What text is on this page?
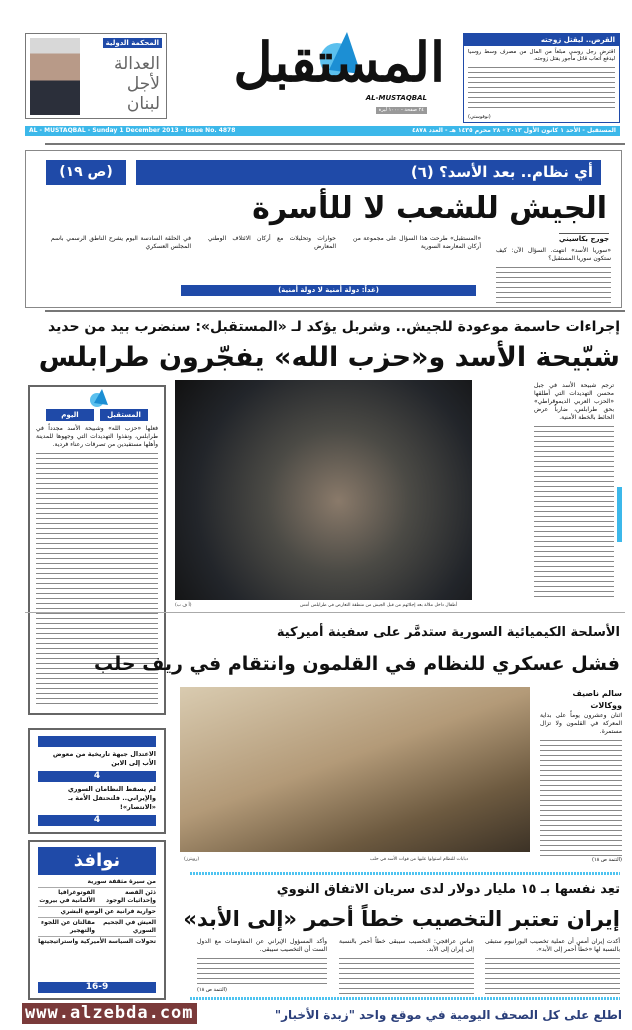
المحكمة الدولية
العدالة
لأجل
لبنان
المستقبل
AL-MUSTAQBAL
٢٤ صفحة - ١٠٠٠ ليرة
القرض.. ليقتل زوجته
اقترض رجل روسي مبلغاً من المال من مصرف وسط روسيا ليدفع أتعاب قاتل مأجور يقتل زوجته.
(نوفوستي)
AL - MUSTAQBAL - Sunday 1 December 2013 - Issue No. 4878	المستقبل - الأحد ١ كانون الأول ٢٠١٣ - ٢٨ محرم ١٤٣٥ هـ - العدد ٤٨٧٨
أي نظام.. بعد الأسد؟ (٦)
(ص ١٩)
الجيش للشعب لا للأسرة
جورج بكاسيني
«سوريا الأسد» انتهت. السؤال الآن: كيف ستكون سوريا المستقبل؟
«المستقبل» طرحت هذا السؤال على مجموعة من أركان المعارضة السورية
حوارات وتحليلات مع أركان الائتلاف الوطني المعارض
في الحلقة السادسة اليوم يشرح الناطق الرسمي باسم المجلس العسكري
(غداً: دولة أمنية لا دولة أمنية)
إجراءات حاسمة موعودة للجيش.. وشربل يؤكد لـ «المستقبل»: سنضرب بيد من حديد
شبّيحة الأسد و«حزب الله» يفجّرون طرابلس
اليوم	المستقبل
فعلها «حزب الله» وشبيحة الأسد مجدداً في طرابلس، ونفذوا التهديدات التي وجهوها للمدينة وأهلها مستفيدين من تصرفات رعناء فردية.
أطفال داخل ملالة بعد إجلائهم من قبل الجيش من منطقة التعارض في طرابلس أمس
(أ ف ب)
ترجم شبيحة الأسد في جبل محسن التهديدات التي أطلقها «الحزب العربي الديموقراطي» بحق طرابلس، ضارباً عرض الحائط بالخطة الأمنية.
الأسلحة الكيميائية السورية ستدمَّر على سفينة أميركية
فشل عسكري للنظام في القلمون وانتقام في ريف حلب
دبابات للنظام استولوا عليها من قوات الأسد في حلب
(رويترز)
سالم ناصيف
ووكالات
اثنان وعشرون يوماً على بداية المعركة في القلمون ولا تزال مستمرة.
(التتمة ص ١٨)
الاعتدال جبهة تاريخية من معوض الأب إلى الابن
4
لم يسقط النظامان السوري والإيراني.. فلتحتفل الأمة بـ «الانتصار»!
4
نوافذ
من سيرة مثقفة سورية
ذئن القصة وإحداثيات الوجود
الفوتوغرافيا الألمانية في بيروت
حوارية فرانية عن الوضع البشري
العيش في الجحيم السوري
مقالتان عن اللجوء والتهجير
تحولات السياسة الأميركية واستراتيجيتها
16-9
تعِد نفسها بـ ١٥ مليار دولار لدى سريان الاتفاق النووي
إيران تعتبر التخصيب خطاً أحمر «إلى الأبد»
أكدت إيران أمس أن عملية تخصيب اليورانيوم ستبقى بالنسبة لها «خطاً أحمر إلى الأبد».
عباس عراقجي: التخصيب سيبقى خطاً أحمر بالنسبة إلى إيران إلى الأبد.
وأكد المسؤول الإيراني عن المفاوضات مع الدول الست أن التخصيب سيبقى.
(التتمة ص ١٨)
www.alzebda.com	اطلع على كل الصحف اليومية في موقع واحد "زبدة الأخبار"
